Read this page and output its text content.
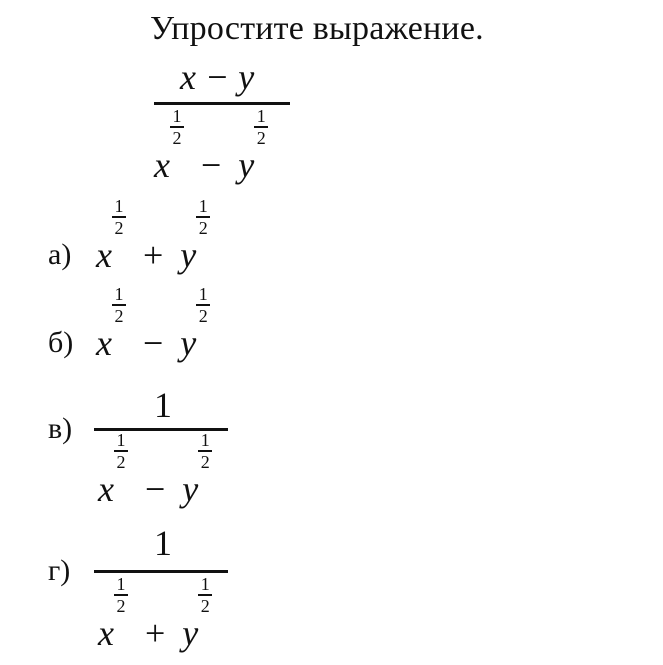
Упростите выражение.
x − y
x
1
2
− y
1
2
а) x
1
2
+ y
1
2
б) x
1
2
− y
1
2
в)
1
x
1
2
− y
1
2
г)
1
x
1
2
+ y
1
2
